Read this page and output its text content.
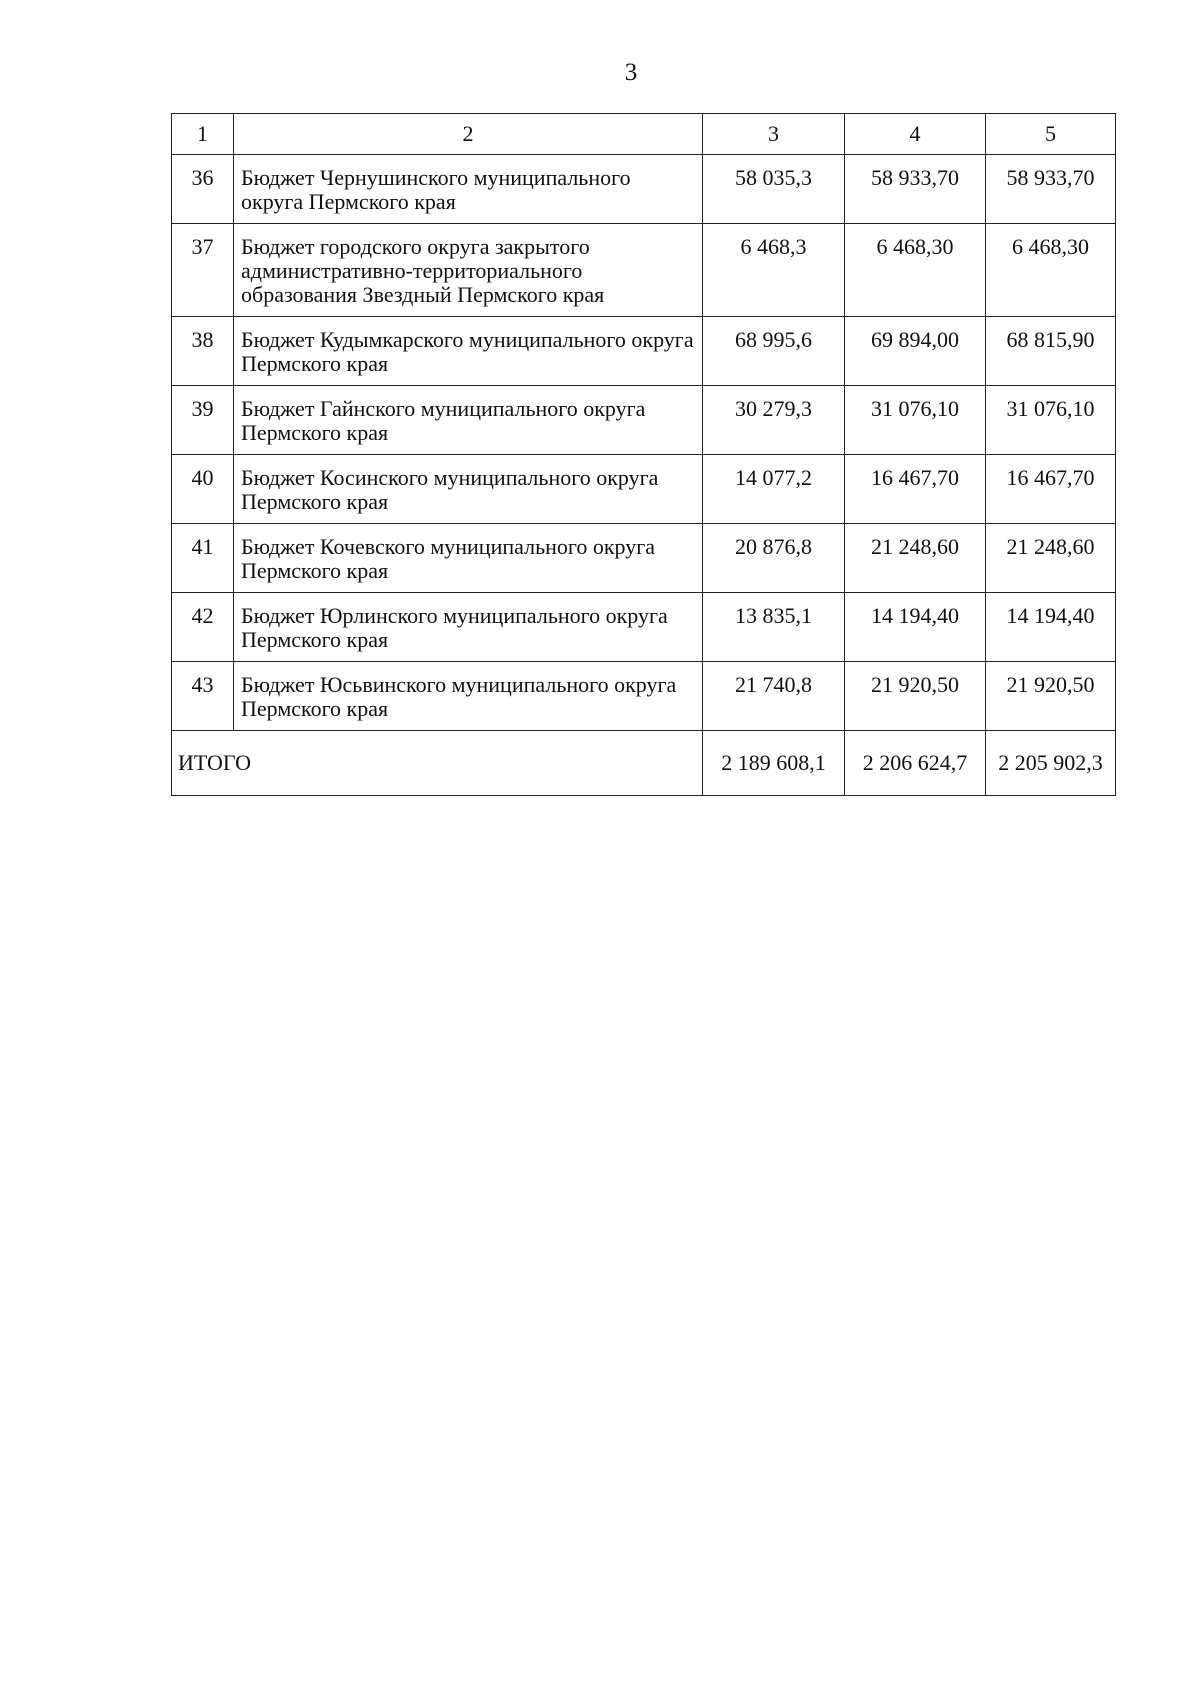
3
1	2	3	4	5
36	Бюджет Чернушинского муниципального округа Пермского края	58 035,3	58 933,70	58 933,70
37	Бюджет городского округа закрытого административно-территориального образования Звездный Пермского края	6 468,3	6 468,30	6 468,30
38	Бюджет Кудымкарского муниципального округа Пермского края	68 995,6	69 894,00	68 815,90
39	Бюджет Гайнского муниципального округа Пермского края	30 279,3	31 076,10	31 076,10
40	Бюджет Косинского муниципального округа Пермского края	14 077,2	16 467,70	16 467,70
41	Бюджет Кочевского муниципального округа Пермского края	20 876,8	21 248,60	21 248,60
42	Бюджет Юрлинского муниципального округа Пермского края	13 835,1	14 194,40	14 194,40
43	Бюджет Юсьвинского муниципального округа Пермского края	21 740,8	21 920,50	21 920,50
ИТОГО		2 189 608,1	2 206 624,7	2 205 902,3
